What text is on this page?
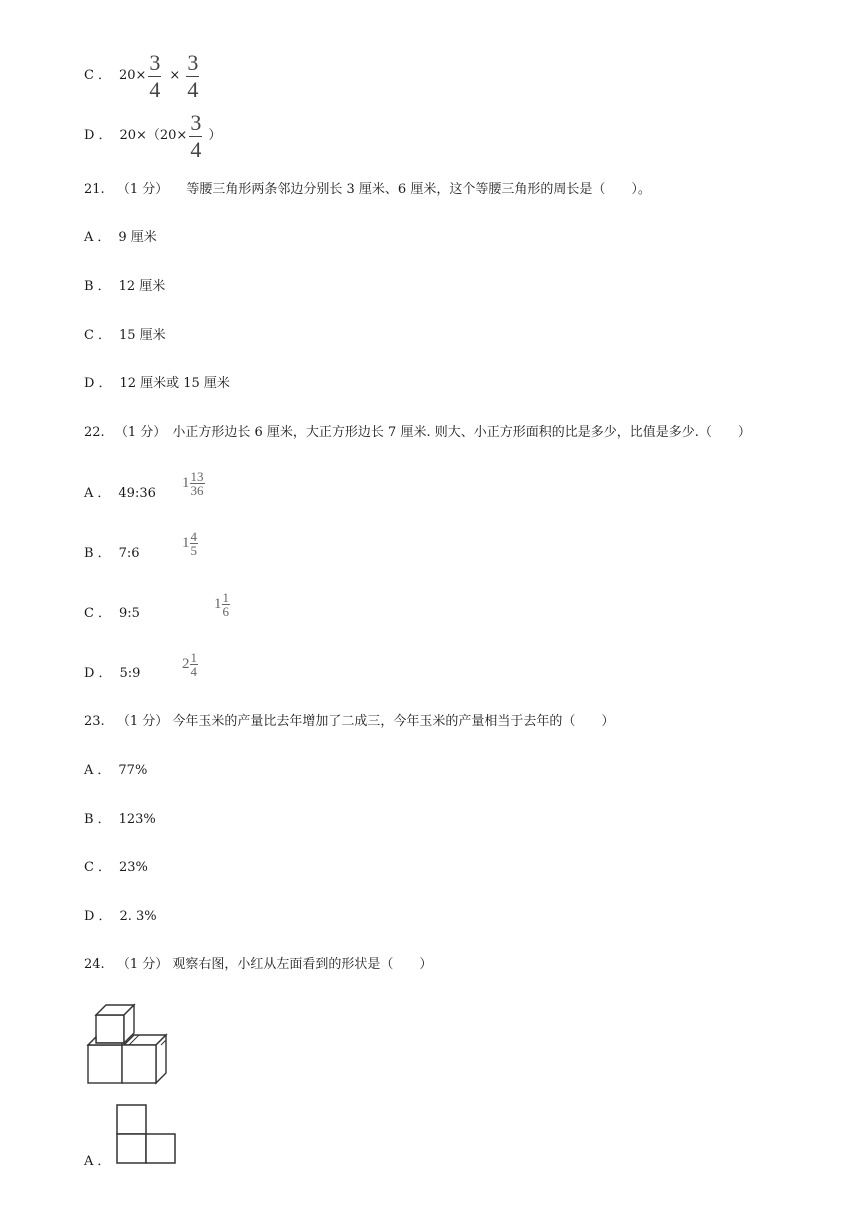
C ． $20\times \frac{3}{4} \times \frac{3}{4}$
D ． $20\times(20\times \frac{3}{4}$ ）
21. （1 分） 等腰三角形两条邻边分别长 3 厘米、6 厘米，这个等腰三角形的周长是（　　）。
A ． 9 厘米
B ． 12 厘米
C ． 15 厘米
D ． 12 厘米或 15 厘米
22. （1 分） 小正方形边长 6 厘米，大正方形边长 7 厘米. 则大、小正方形面积的比是多少，比值是多少.（　　）
A ． 49:36
$1 \frac{13}{36}$
B ． 7:6
$1 \frac{4}{5}$
C ． 9:5
$1 \frac{1}{6}$
D ． 5:9
$2 \frac{1}{4}$
23. （1 分） 今年玉米的产量比去年增加了二成三，今年玉米的产量相当于去年的（　　）
A ． 77%
B ． 123%
C ． 23%
D ． 2. 3%
24. （1 分） 观察右图，小红从左面看到的形状是（　　）
A ．
